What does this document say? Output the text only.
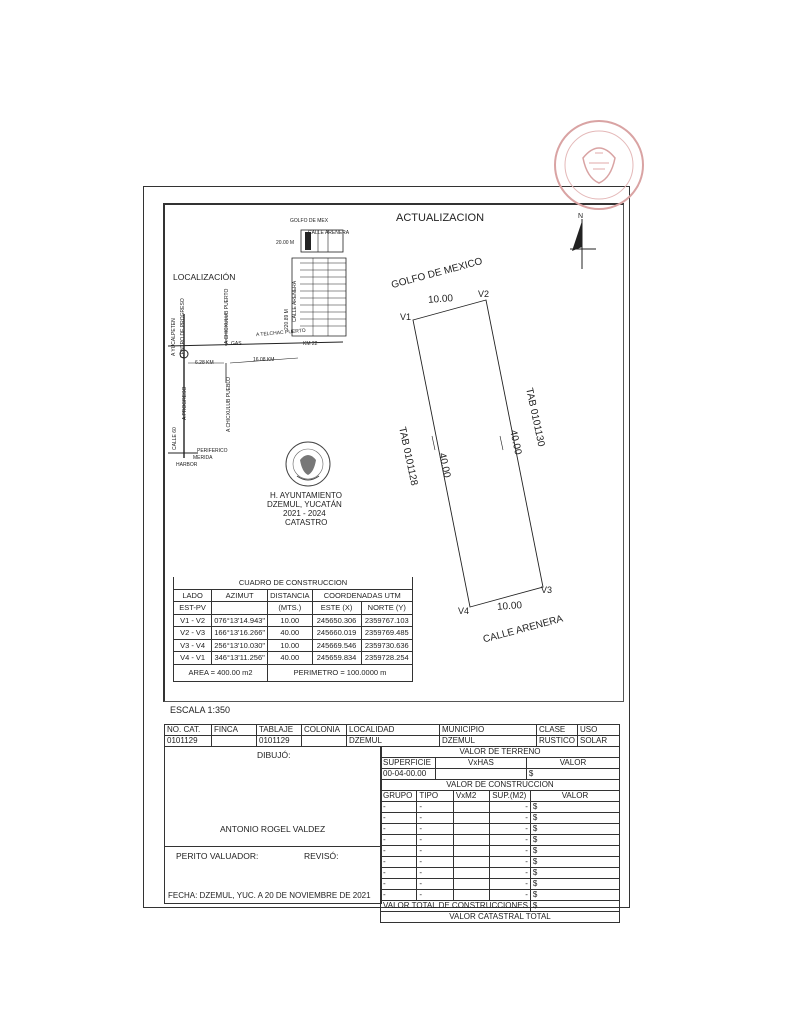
ACTUALIZACION	N
LOCALIZACIÓN
GOLFO DE MEX
20.00 M
CALLE ARENERA
220.89 M CALLE ARENERA
A YUCALPETEN CENTRO DE PROGRESO	A CHICXULUB PUERTO	A TELCHAC PUERTO
GAS	KM 22
6.28 KM	16.08 KM
A PROGRESO	A CHICXULUB PUEBLO
CALLE 60
PERIFERICO
MERIDA
HARBOR
H. AYUNTAMIENTO
DZEMUL, YUCATÁN
2021 - 2024
CATASTRO
GOLFO DE MEXICO
V1
V2
V3
V4
10.00
10.00
40.00
40.00
TAB 0101128
TAB 0101130
CALLE ARENERA
CUADRO DE CONSTRUCCION				
LADO	AZIMUT	DISTANCIA	COORDENADAS UTM	
EST-PV		(MTS.)	ESTE (X)	NORTE (Y)
V1 - V2	076°13'14.943"	10.00	245650.306	2359767.103
V2 - V3	166°13'16.266"	40.00	245660.019	2359769.485
V3 - V4	256°13'10.030"	10.00	245669.546	2359730.636
V4 - V1	346°13'11.256"	40.00	245659.834	2359728.254
AREA = 400.00 m2		PERIMETRO = 100.0000 m		
ESCALA 1:350
NO. CAT.	FINCA	TABLAJE	COLONIA	LOCALIDAD	MUNICIPIO	CLASE	USO
0101129		0101129		DZEMUL	DZEMUL	RUSTICO	SOLAR
DIBUJÓ:
ANTONIO ROGEL VALDEZ
PERITO VALUADOR:	REVISÓ:
FECHA: DZEMUL, YUC. A 20 DE NOVIEMBRE DE 2021
VALOR DE TERRENO		
SUPERFICIE	VxHAS	VALOR
00-04-00.00		$
VALOR DE CONSTRUCCION				
GRUPO	TIPO	VxM2	SUP.(M2)	VALOR
-	-		-	$
-	-		-	$
-	-		-	$
-	-		-	$
-	-		-	$
-	-		-	$
-	-		-	$
-	-		-	$
-	-		-	$
VALOR TOTAL DE CONSTRUCCIONES				$
VALOR CATASTRAL TOTAL				
